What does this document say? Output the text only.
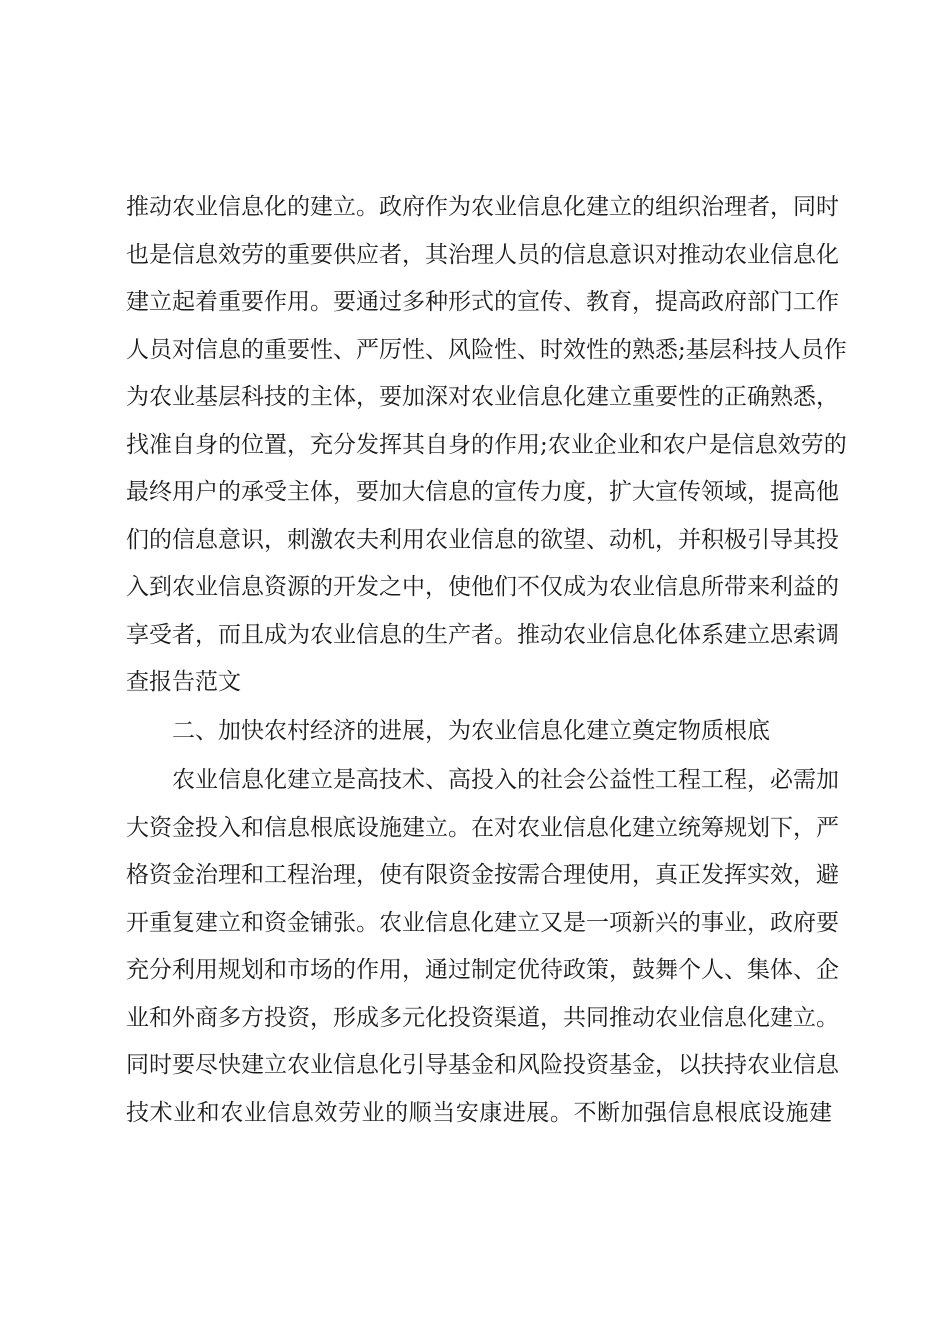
推动农业信息化的建立。政府作为农业信息化建立的组织治理者，同时
也是信息效劳的重要供应者，其治理人员的信息意识对推动农业信息化
建立起着重要作用。要通过多种形式的宣传、教育，提高政府部门工作
人员对信息的重要性、严厉性、风险性、时效性的熟悉;基层科技人员作
为农业基层科技的主体，要加深对农业信息化建立重要性的正确熟悉，
找准自身的位置，充分发挥其自身的作用;农业企业和农户是信息效劳的
最终用户的承受主体，要加大信息的宣传力度，扩大宣传领域，提高他
们的信息意识，刺激农夫利用农业信息的欲望、动机，并积极引导其投
入到农业信息资源的开发之中，使他们不仅成为农业信息所带来利益的
享受者，而且成为农业信息的生产者。推动农业信息化体系建立思索调
查报告范文
二、加快农村经济的进展，为农业信息化建立奠定物质根底
农业信息化建立是高技术、高投入的社会公益性工程工程，必需加
大资金投入和信息根底设施建立。在对农业信息化建立统筹规划下，严
格资金治理和工程治理，使有限资金按需合理使用，真正发挥实效，避
开重复建立和资金铺张。农业信息化建立又是一项新兴的事业，政府要
充分利用规划和市场的作用，通过制定优待政策，鼓舞个人、集体、企
业和外商多方投资，形成多元化投资渠道，共同推动农业信息化建立。
同时要尽快建立农业信息化引导基金和风险投资基金，以扶持农业信息
技术业和农业信息效劳业的顺当安康进展。不断加强信息根底设施建
